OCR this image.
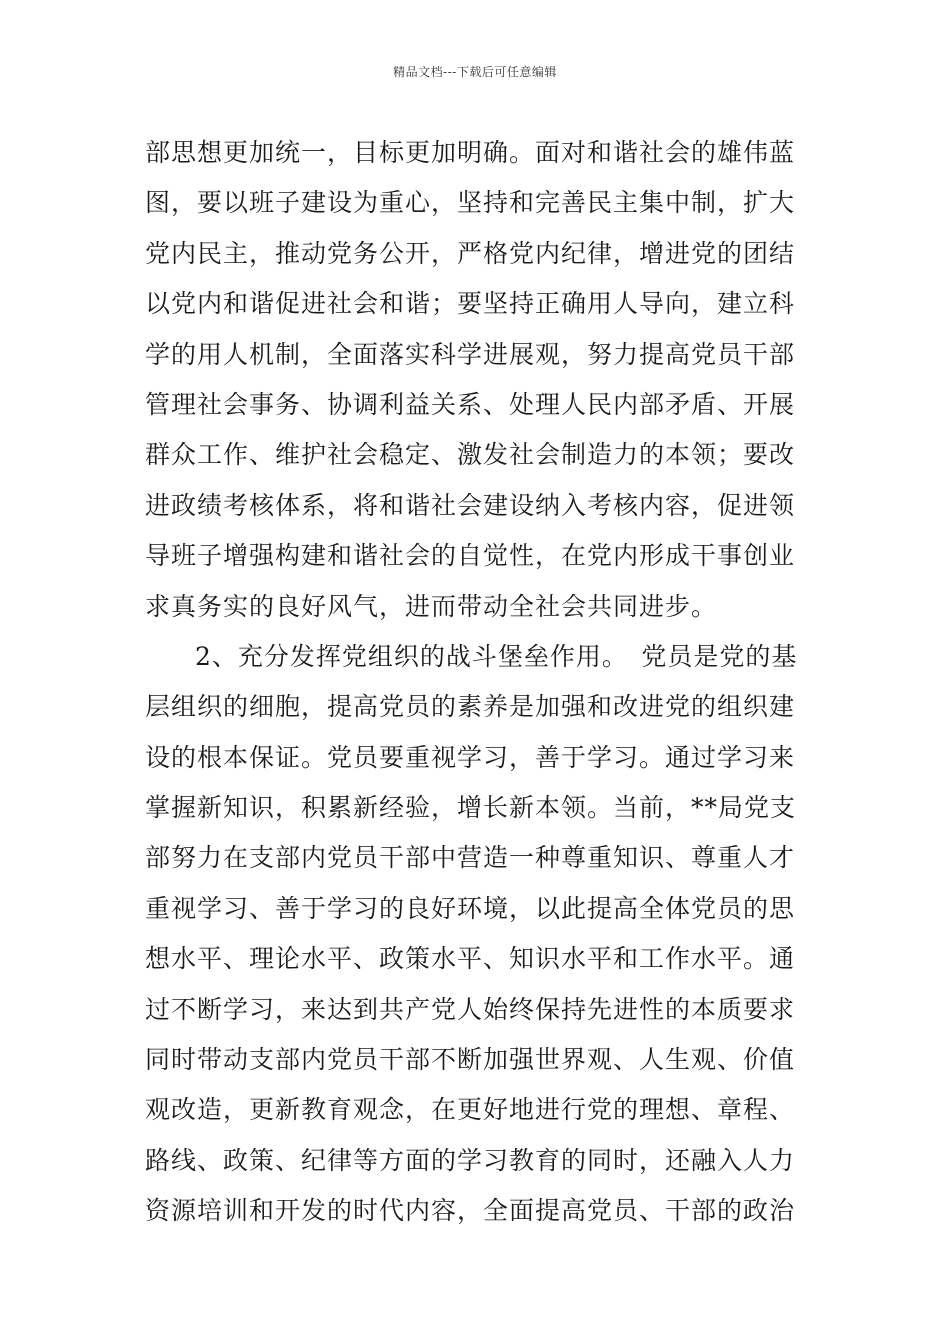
精品文档---下载后可任意编辑
部思想更加统一，目标更加明确。面对和谐社会的雄伟蓝
图，要以班子建设为重心，坚持和完善民主集中制，扩大
党内民主，推动党务公开，严格党内纪律，增进党的团结
以党内和谐促进社会和谐；要坚持正确用人导向，建立科
学的用人机制，全面落实科学进展观，努力提高党员干部
管理社会事务、协调利益关系、处理人民内部矛盾、开展
群众工作、维护社会稳定、激发社会制造力的本领；要改
进政绩考核体系，将和谐社会建设纳入考核内容，促进领
导班子增强构建和谐社会的自觉性，在党内形成干事创业
求真务实的良好风气，进而带动全社会共同进步。
2、充分发挥党组织的战斗堡垒作用。　党员是党的基
层组织的细胞，提高党员的素养是加强和改进党的组织建
设的根本保证。党员要重视学习，善于学习。通过学习来
掌握新知识，积累新经验，增长新本领。当前，**局党支
部努力在支部内党员干部中营造一种尊重知识、尊重人才
重视学习、善于学习的良好环境，以此提高全体党员的思
想水平、理论水平、政策水平、知识水平和工作水平。通
过不断学习，来达到共产党人始终保持先进性的本质要求
同时带动支部内党员干部不断加强世界观、人生观、价值
观改造，更新教育观念，在更好地进行党的理想、章程、
路线、政策、纪律等方面的学习教育的同时，还融入人力
资源培训和开发的时代内容，全面提高党员、干部的政治
